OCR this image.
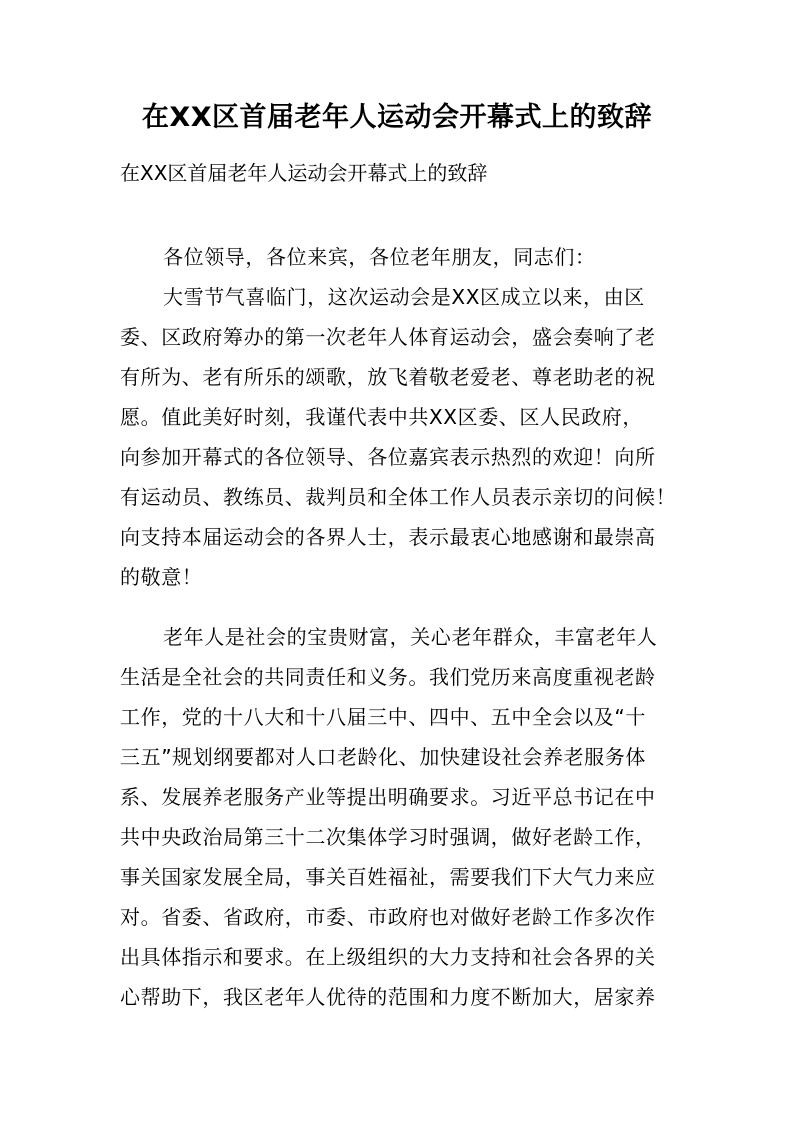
在XX区首届老年人运动会开幕式上的致辞
在XX区首届老年人运动会开幕式上的致辞
各位领导，各位来宾，各位老年朋友，同志们：
大雪节气喜临门，这次运动会是XX区成立以来，由区
委、区政府筹办的第一次老年人体育运动会，盛会奏响了老
有所为、老有所乐的颂歌，放飞着敬老爱老、尊老助老的祝
愿。值此美好时刻，我谨代表中共XX区委、区人民政府，
向参加开幕式的各位领导、各位嘉宾表示热烈的欢迎！向所
有运动员、教练员、裁判员和全体工作人员表示亲切的问候！
向支持本届运动会的各界人士，表示最衷心地感谢和最崇高
的敬意！
老年人是社会的宝贵财富，关心老年群众，丰富老年人
生活是全社会的共同责任和义务。我们党历来高度重视老龄
工作，党的十八大和十八届三中、四中、五中全会以及“十
三五”规划纲要都对人口老龄化、加快建设社会养老服务体
系、发展养老服务产业等提出明确要求。习近平总书记在中
共中央政治局第三十二次集体学习时强调，做好老龄工作，
事关国家发展全局，事关百姓福祉，需要我们下大气力来应
对。省委、省政府，市委、市政府也对做好老龄工作多次作
出具体指示和要求。在上级组织的大力支持和社会各界的关
心帮助下，我区老年人优待的范围和力度不断加大，居家养
